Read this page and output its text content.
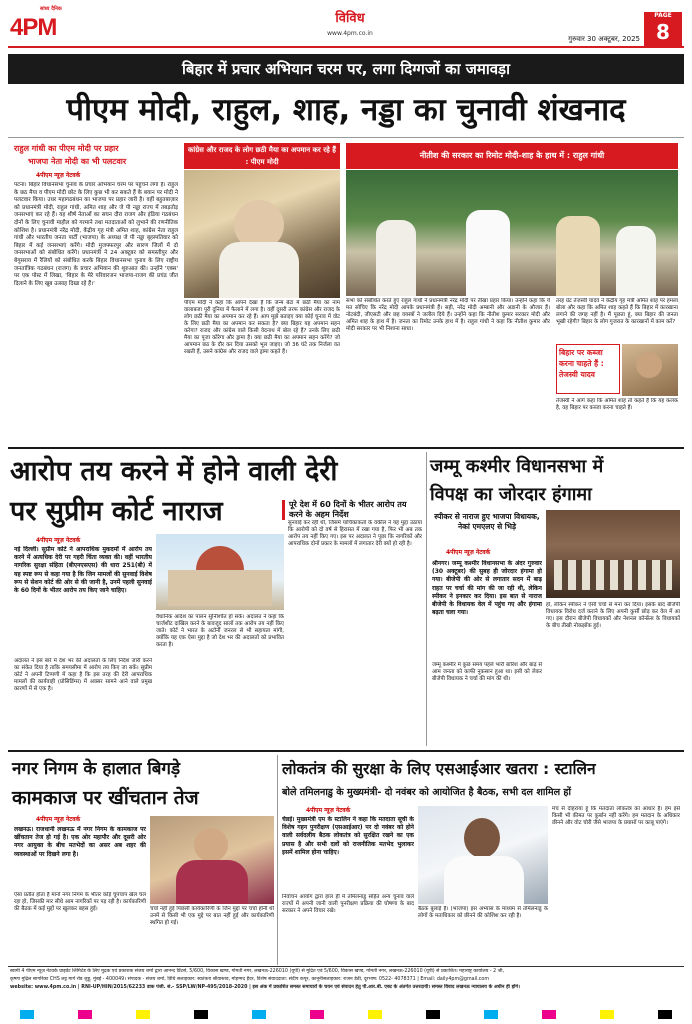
सांध्य दैनिक
4PM	विविध
www.4pm.co.in
गुरुवार 30 अक्टूबर, 2025
PAGE
8
बिहार में प्रचार अभियान चरम पर, लगा दिग्गजों का जमावड़ा
पीएम मोदी, राहुल, शाह, नड्डा का चुनावी शंखनाद
राहुल गांधी का पीएम मोदी पर प्रहार
भाजपा नेता मोदी का भी पलटवार
4पीएम न्यूज़ नेटवर्क
पटना। बिहार विधानसभा चुनाव के प्रचार अभियान चरम पर पहुंचने लगा है। राहुल के छठ मैया व पीएम मोदी छोट के लिए कुछ भी कर सकते हैं के बयान पर मोदी ने पलटवार किया। उधर महागठबंधन का भाजपा पर प्रहार जारी है। वहीं बहुतबाज़ार को प्रधानमंत्री मोदी, राहुल गांधी, अमित शाह और जे पी नड्डा राज्य में तबड़तोड़ जनसभाएं कर रहे हैं। यह शीर्ष नेताओं का सघन दौरा राजग और इंडिया गठबंधन दोनों के लिए चुनावी माहौल को गरमाने तथा मतदाताओं को लुभाने की रणनीतिक कोशिश है। प्रधानमंत्री नरेंद्र मोदी, केंद्रीय गृह मंत्री अमित शाह, कांग्रेस नेता राहुल गांधी और भारतीय जनता पार्टी (भाजपा) के अध्यक्ष जे पी नड्डा बृहस्पतिवार को बिहार में कई जनसभाएं करेंगे। मोदी मुजफ्फरपुर और सारण जिलों में दो जनसभाओं को संबोधित करेंगे। प्रधानमंत्री ने 24 अक्टूबर को समस्तीपुर और बेगूसराय में रैलियों को संबोधित करके बिहार विधानसभा चुनाव के लिए राष्ट्रीय जनतांत्रिक गठबंधन (राजग) के प्रचार अभियान की शुरुआत की। उन्होंने 'एक्स' पर एक पोस्ट में लिखा, 'बिहार के मेरे परिवारजन भाजपा-राजग की प्रचंड जीत दिलाने के लिए खूब उत्साह दिखा रहे हैं।'
कांग्रेस और राजद के लोग छठी मैया का अपमान कर रहे हैं : पीएम मोदी
पीएम मोदी ने कहा कि आपने देखा है कि जन्म बेटा में छठी मैया का नाम वालाबजा पूरी दुनिया में फैलाने में लगा है। वहीं दूसरी तरफ कांग्रेस और राजद के लोग छठी मैया का अपमान कर रहे हैं। आप मुझे बताइए क्या कोई चुनाव में वोट के लिए छठी मैया का अपमान कर सकता है? क्या बिहार यह अपमान सहन करेगा? राजद और कांग्रेस वाले किसी वेदनाथ में बोल रहे हैं? उनके लिए छठी मैया का पूजा कोरेगा और ड्रामा है। क्या छठी मैया का अपमान सहन करेंगे? जो आपमान छठ के दौर कर दिया उसको भूल जाइए। जो 36 घंटे तक निर्जला वत रखती हैं, उसने कांग्रेस और राजद वाले ड्रामा कहते हैं।
नीतीश की सरकार का रिमोट मोदी-शाह के हाथ में : राहुल गांधी
सभा को संबोधित करते हुए राहुल गांधी ने प्रधानमंत्री नरेंद्र मोदी पर तीखा प्रहार किया। उन्होंने कहा कि ये मत सोचिए कि नरेंद्र मोदी आपके प्रधानमंत्री हैं। सही, नरेंद्र मोदी अम्बानी और अडानी के औजार हैं। नोटबंदी, जीएसटी और छह वयस्त्रों ने जलील दिये हैं। उन्होंने कहा कि नीतीश कुमार सरकार मोदी और अमित शाह के हाथ में है। जनता का रिमोट उनके हाथ में है। राहुल गांधी ने कहा कि नीतीश कुमार और मोदी सरकार पर भी निशाना साधा।
तरह ग्रेट तेजस्वी यादव ने केंद्रीय गृह मंत्री अमित शाह पर हमला बोला और कहा कि अमित शाह कहते हैं कि बिहार में कारखाना लगाने की जगह नहीं है। मैं पूछता हूं, क्या बिहार की जनता भूखी रहेगी? बिहार के लोग गुजरात के कारखानों में काम करें?
बिहार पर कब्जा करना चाहते हैं : तेजस्वी यादव
तेजस्वी ने आगे कहा कि अमित शाह तो कहते हैं कि यह कलंक है, वह बिहार पर कब्जा करना चाहते हैं।
आरोप तय करने में होने वाली देरी
पर सुप्रीम कोर्ट नाराज	पूरे देश में 60 दिनों के भीतर आरोप तय करने के अहम निर्देश
4पीएम न्यूज़ नेटवर्क
नई दिल्ली। सुप्रीम कोर्ट ने आपराधिक मुकदमों में आरोप तय करने में अत्यधिक देरी पर गहरी चिंता व्यक्त की। वहीं भारतीय नागरिक सुरक्षा संहिता (बीएनएसएस) की धारा 251(बी) में यह स्पष्ट रूप से कहा गया है कि जिन मामलों की सुनवाई विशेष रूप से सेशन कोर्ट की ओर से की जानी है, उनमें पहली सुनवाई के 60 दिनों के भीतर आरोप तय किए जाने चाहिए।
अदालत ने इस बारे में देश भर की अदालतों के लिए निर्देश जारी करने का संकेत दिया है ताकि समयसीमा में आरोप तय किए जा सकें। सुप्रीम कोर्ट ने अपनी टिप्पणी में कहा है कि इस तरह की देरी आपराधिक मामलों की कार्यवाही (प्रोसिडिंग्स) में अक्सर सामने आने वाले प्रमुख कारणों में से एक है।
वैधानिक आदेश का पालन सुनिश्चित हो सके। अदालत ने कहा कि चार्जशीट दाखिल करने के बावजूद सालों तक आरोप तय नहीं किए जाते। कोर्ट ने भारत के अटॉर्नी जनरल से भी सहायता मांगी, क्योंकि यह एक ऐसा मुद्दा है जो देश भर की अदालतों को प्रभावित करता है।
सुनवाई कर रही थी, जिसमें याचिकाकर्ता के वकील ने यह मुद्दा उठाया कि आरोपी को दो वर्ष से हिरासत में रखा गया है, फिर भी अब तक आरोप तय नहीं किए गए। इस पर अदालत ने पूछा कि नागरिकों और आपराधिक दोनों प्रकार के मामलों में लगातार देरी क्यों हो रही है।
जम्मू कश्मीर विधानसभा में
विपक्ष का जोरदार हंगामा
स्पीकर से नाराज हुए भाजपा विधायक, नेकां एमएलए से भिड़े
4पीएम न्यूज़ नेटवर्क
श्रीनगर। जम्मू कश्मीर विधानसभा के अंदर गुरुवार (30 अक्टूबर) की सुबह ही जोरदार हंगामा हो गया। बीजेपी की ओर से लगातार सदन में बाढ़ राहत पर चर्चा की मांग की जा रही थी, लेकिन स्पीकर ने इनकार कर दिया। इस बात से नाराज बीजेपी के विधायक वेल में पहुंच गए और हंगामा बढ़ता चला गया।
जम्मू कश्मीर में कुछ समय पहले भारी बारिश और बाढ़ से आम जनता को काफी नुकसान हुआ था। इसी को लेकर बीजेपी विधायक ने चर्चा की मांग की थी।
हो, लेकिन स्पीकर ने ऐसी चर्चा से मना कर दिया। इसके बाद बीजेपी विधायक विरोध दर्ज कराने के लिए अपनी कुर्सी छोड़ कर वेल में आ गए। इस दौरान बीजेपी विधायकों और नेशनल कॉन्फ्रेंस के विधायकों के बीच तीखी नोकझोंक हुई।
नगर निगम के हालात बिगड़े
कामकाज पर खींचतान तेज
4पीएम न्यूज़ नेटवर्क
लखनऊ। राजधानी लखनऊ में नगर निगम के कामकाज पर खींचतान तेज हो गई है। एक ओर महापौर और दूसरी ओर नगर आयुक्त के बीच मतभेदों का असर अब शहर की व्यवस्थाओं पर दिखने लगा है।
ऐसा प्रतीत होता है मानो नगर निगम के भीतर कोई चुपचाप खेल चल रहा हो, जिसकी मार सीधे आम नागरिकों पर पड़ रही है। कार्यकारिणी की बैठक में कई मुद्दों पर खुलकर बहस हुई।	चर्चा नहीं हुई पिछली कार्यकारिणी के जिन मुद्दों पर चर्चा होनी थी उनमें से किसी भी एक मुद्दे पर बात नहीं हुई और कार्यकारिणी स्थगित हो गई।
लोकतंत्र की सुरक्षा के लिए एसआईआर खतरा : स्टालिन
बोले तमिलनाडु के मुख्यमंत्री- दो नवंबर को आयोजित है बैठक, सभी दल शामिल हों
4पीएम न्यूज़ नेटवर्क
चेन्नई। मुख्यमंत्री एम के स्टालिन ने कहा कि मतदाता सूची के विशेष गहन पुनरीक्षण (एसआईआर) पर दो नवंबर को होने वाली सर्वदलीय बैठक लोकतंत्र को सुरक्षित रखने का एक प्रयास है और सभी दलों को राजनीतिक मतभेद भुलाकर इसमें शामिल होना चाहिए।
निर्वाचन आयोग द्वारा हाल ही में तमिलनाडु सहित अन्य चुनाव वाले राज्यों में अपनी जानी वाली पुनरीक्षण प्रक्रिया की घोषणा के बाद सरकार ने अपने विचार रखे।	बैठक बुलाई है। (भाजपा) इस अभ्यास के माध्यम से तमिलनाडु के लोगों के मताधिकार को छीनने की कोशिश कर रही है।
मंच से दोहराया हूं कि मतदाता लोकतंत्र का आधार है। हम इसे किसी भी कीमत पर कुर्बान नहीं करेंगे। हम मतदान के अधिकार छीनने और वोट चोरी जैसे भाजपा के प्रयासों पर काबू पाएंगे।
स्वामी 4 पीएम न्यूज़ नेटवर्क प्राइवेट लिमिटेड के लिए मुद्रक एवं प्रकाशक संजय शर्मा द्वारा आनन्द प्रिंटर्स, 5/600, विकास खण्ड, गोमती नगर, लखनऊ-226010 (यूपी) से मुद्रित एवं 5/600, विकास खण्ड, गोमती नगर, लखनऊ-226010 (यूपी) से प्रकाशित। महाराष्ट्र कार्यालय - 2 जी,
कृष्णा मुद्रिल सागरिका CHS लट्ट मार्ग रोड जुहू, मुंबई - 400049। संपादक - संजय शर्मा, विधि सलाहकार: स्वतंत्रता श्रीवास्तव, मोहम्मद हैदर, विशेष संवाददाता: संदीप कपूर, कानूनीसलाहकार: राजन डेठी, दूरभाष: 0522- 4078371 | Email: daily4pm@gmail.com
website: www.4pm.co.in | RNI-UP/HIN/2015/62233 डाक पंजी. सं.- SSP/LW/NP-495/2018-2020 | इस अंक में प्रकाशित समस्त समाचारों के चयन एवं संपादन हेतु पी.आर.बी. एक्ट के अंतर्गत उत्तरदायी। समस्त विवाद लखनऊ न्यायालय के अधीन ही होंगे।
